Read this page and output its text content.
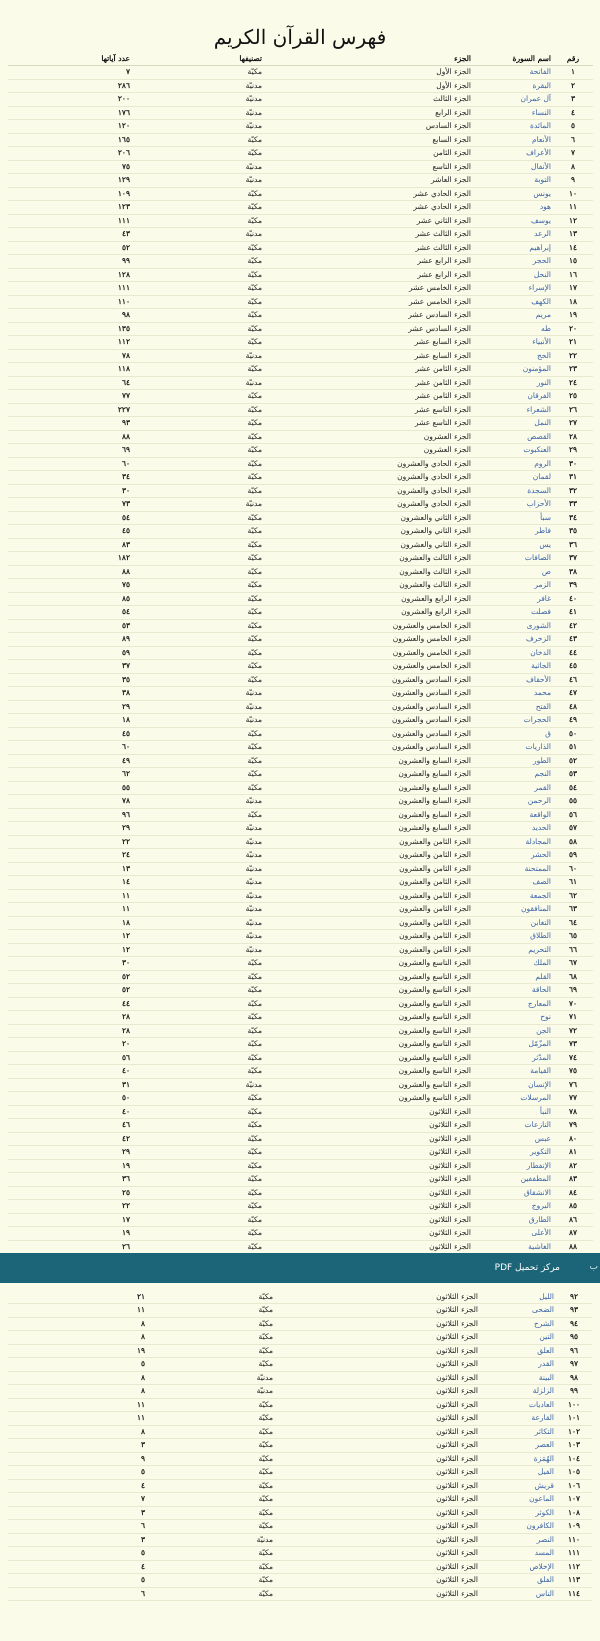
فهرس القرآن الكريم
رقم	اسم السورة	الجزء	تصنيفها	عدد آياتها	
١	الفاتحة	الجزء الأول	مكيّة	٧	
٢	البقرة	الجزء الأول	مدنيّة	٢٨٦	
٣	آل عمران	الجزء الثالث	مدنيّة	٢٠٠	
٤	النساء	الجزء الرابع	مدنيّة	١٧٦	
٥	المائدة	الجزء السادس	مدنيّة	١٢٠	
٦	الأنعام	الجزء السابع	مكيّة	١٦٥	
٧	الأعراف	الجزء الثامن	مكيّة	٢٠٦	
٨	الأنفال	الجزء التاسع	مدنيّة	٧٥	
٩	التوبة	الجزء العاشر	مدنيّة	١٢٩	
١٠	يونس	الجزء الحادي عشر	مكيّة	١٠٩	
١١	هود	الجزء الحادي عشر	مكيّة	١٢٣	
١٢	يوسف	الجزء الثاني عشر	مكيّة	١١١	
١٣	الرعد	الجزء الثالث عشر	مدنيّة	٤٣	
١٤	إبراهيم	الجزء الثالث عشر	مكيّة	٥٢	
١٥	الحجر	الجزء الرابع عشر	مكيّة	٩٩	
١٦	النحل	الجزء الرابع عشر	مكيّة	١٢٨	
١٧	الإسراء	الجزء الخامس عشر	مكيّة	١١١	
١٨	الكهف	الجزء الخامس عشر	مكيّة	١١٠	
١٩	مريم	الجزء السادس عشر	مكيّة	٩٨	
٢٠	طه	الجزء السادس عشر	مكيّة	١٣٥	
٢١	الأنبياء	الجزء السابع عشر	مكيّة	١١٢	
٢٢	الحج	الجزء السابع عشر	مدنيّة	٧٨	
٢٣	المؤمنون	الجزء الثامن عشر	مكيّة	١١٨	
٢٤	النور	الجزء الثامن عشر	مدنيّة	٦٤	
٢٥	الفرقان	الجزء الثامن عشر	مكيّة	٧٧	
٢٦	الشعراء	الجزء التاسع عشر	مكيّة	٢٢٧	
٢٧	النمل	الجزء التاسع عشر	مكيّة	٩٣	
٢٨	القصص	الجزء العشرون	مكيّة	٨٨	
٢٩	العنكبوت	الجزء العشرون	مكيّة	٦٩	
٣٠	الروم	الجزء الحادي والعشرون	مكيّة	٦٠	
٣١	لقمان	الجزء الحادي والعشرون	مكيّة	٣٤	
٣٢	السجدة	الجزء الحادي والعشرون	مكيّة	٣٠	
٣٣	الأحزاب	الجزء الحادي والعشرون	مدنيّة	٧٣	
٣٤	سبأ	الجزء الثاني والعشرون	مكيّة	٥٤	
٣٥	فاطر	الجزء الثاني والعشرون	مكيّة	٤٥	
٣٦	يس	الجزء الثاني والعشرون	مكيّة	٨٣	
٣٧	الصافات	الجزء الثالث والعشرون	مكيّة	١٨٢	
٣٨	ص	الجزء الثالث والعشرون	مكيّة	٨٨	
٣٩	الزمر	الجزء الثالث والعشرون	مكيّة	٧٥	
٤٠	غافر	الجزء الرابع والعشرون	مكيّة	٨٥	
٤١	فصلت	الجزء الرابع والعشرون	مكيّة	٥٤	
٤٢	الشورى	الجزء الخامس والعشرون	مكيّة	٥٣	
٤٣	الزخرف	الجزء الخامس والعشرون	مكيّة	٨٩	
٤٤	الدخان	الجزء الخامس والعشرون	مكيّة	٥٩	
٤٥	الجاثية	الجزء الخامس والعشرون	مكيّة	٣٧	
٤٦	الأحقاف	الجزء السادس والعشرون	مكيّة	٣٥	
٤٧	محمد	الجزء السادس والعشرون	مدنيّة	٣٨	
٤٨	الفتح	الجزء السادس والعشرون	مدنيّة	٢٩	
٤٩	الحجرات	الجزء السادس والعشرون	مدنيّة	١٨	
٥٠	ق	الجزء السادس والعشرون	مكيّة	٤٥	
٥١	الذاريات	الجزء السادس والعشرون	مكيّة	٦٠	
٥٢	الطور	الجزء السابع والعشرون	مكيّة	٤٩	
٥٣	النجم	الجزء السابع والعشرون	مكيّة	٦٢	
٥٤	القمر	الجزء السابع والعشرون	مكيّة	٥٥	
٥٥	الرحمن	الجزء السابع والعشرون	مدنيّة	٧٨	
٥٦	الواقعة	الجزء السابع والعشرون	مكيّة	٩٦	
٥٧	الحديد	الجزء السابع والعشرون	مدنيّة	٢٩	
٥٨	المجادلة	الجزء الثامن والعشرون	مدنيّة	٢٢	
٥٩	الحشر	الجزء الثامن والعشرون	مدنيّة	٢٤	
٦٠	الممتحنة	الجزء الثامن والعشرون	مدنيّة	١٣	
٦١	الصف	الجزء الثامن والعشرون	مدنيّة	١٤	
٦٢	الجمعة	الجزء الثامن والعشرون	مدنيّة	١١	
٦٣	المنافقون	الجزء الثامن والعشرون	مدنيّة	١١	
٦٤	التغابن	الجزء الثامن والعشرون	مدنيّة	١٨	
٦٥	الطلاق	الجزء الثامن والعشرون	مدنيّة	١٢	
٦٦	التحريم	الجزء الثامن والعشرون	مدنيّة	١٢	
٦٧	الملك	الجزء التاسع والعشرون	مكيّة	٣٠	
٦٨	القلم	الجزء التاسع والعشرون	مكيّة	٥٢	
٦٩	الحاقة	الجزء التاسع والعشرون	مكيّة	٥٢	
٧٠	المعارج	الجزء التاسع والعشرون	مكيّة	٤٤	
٧١	نوح	الجزء التاسع والعشرون	مكيّة	٢٨	
٧٢	الجن	الجزء التاسع والعشرون	مكيّة	٢٨	
٧٣	المزّمّل	الجزء التاسع والعشرون	مكيّة	٢٠	
٧٤	المدّثر	الجزء التاسع والعشرون	مكيّة	٥٦	
٧٥	القيامة	الجزء التاسع والعشرون	مكيّة	٤٠	
٧٦	الإنسان	الجزء التاسع والعشرون	مدنيّة	٣١	
٧٧	المرسلات	الجزء التاسع والعشرون	مكيّة	٥٠	
٧٨	النبأ	الجزء الثلاثون	مكيّة	٤٠	
٧٩	النازعات	الجزء الثلاثون	مكيّة	٤٦	
٨٠	عبس	الجزء الثلاثون	مكيّة	٤٢	
٨١	التكوير	الجزء الثلاثون	مكيّة	٢٩	
٨٢	الإنفطار	الجزء الثلاثون	مكيّة	١٩	
٨٣	المطففين	الجزء الثلاثون	مكيّة	٣٦	
٨٤	الانشقاق	الجزء الثلاثون	مكيّة	٢٥	
٨٥	البروج	الجزء الثلاثون	مكيّة	٢٢	
٨٦	الطارق	الجزء الثلاثون	مكيّة	١٧	
٨٧	الأعلى	الجزء الثلاثون	مكيّة	١٩	
٨٨	الغاشية	الجزء الثلاثون	مكيّة	٢٦	

ب
مركز تحميل PDF
٩٢	الليل	الجزء الثلاثون	مكيّة	٢١	
٩٣	الضحى	الجزء الثلاثون	مكيّة	١١	
٩٤	الشرح	الجزء الثلاثون	مكيّة	٨	
٩٥	التين	الجزء الثلاثون	مكيّة	٨	
٩٦	العلق	الجزء الثلاثون	مكيّة	١٩	
٩٧	القدر	الجزء الثلاثون	مكيّة	٥	
٩٨	البينة	الجزء الثلاثون	مدنيّة	٨	
٩٩	الزلزلة	الجزء الثلاثون	مدنيّة	٨	
١٠٠	العاديات	الجزء الثلاثون	مكيّة	١١	
١٠١	القارعة	الجزء الثلاثون	مكيّة	١١	
١٠٢	التكاثر	الجزء الثلاثون	مكيّة	٨	
١٠٣	العصر	الجزء الثلاثون	مكيّة	٣	
١٠٤	الهُمَزة	الجزء الثلاثون	مكيّة	٩	
١٠٥	الفيل	الجزء الثلاثون	مكيّة	٥	
١٠٦	قريش	الجزء الثلاثون	مكيّة	٤	
١٠٧	الماعون	الجزء الثلاثون	مكيّة	٧	
١٠٨	الكوثر	الجزء الثلاثون	مكيّة	٣	
١٠٩	الكافرون	الجزء الثلاثون	مكيّة	٦	
١١٠	النصر	الجزء الثلاثون	مدنيّة	٣	
١١١	المسد	الجزء الثلاثون	مكيّة	٥	
١١٢	الإخلاص	الجزء الثلاثون	مكيّة	٤	
١١٣	الفلق	الجزء الثلاثون	مكيّة	٥	
١١٤	الناس	الجزء الثلاثون	مكيّة	٦	
